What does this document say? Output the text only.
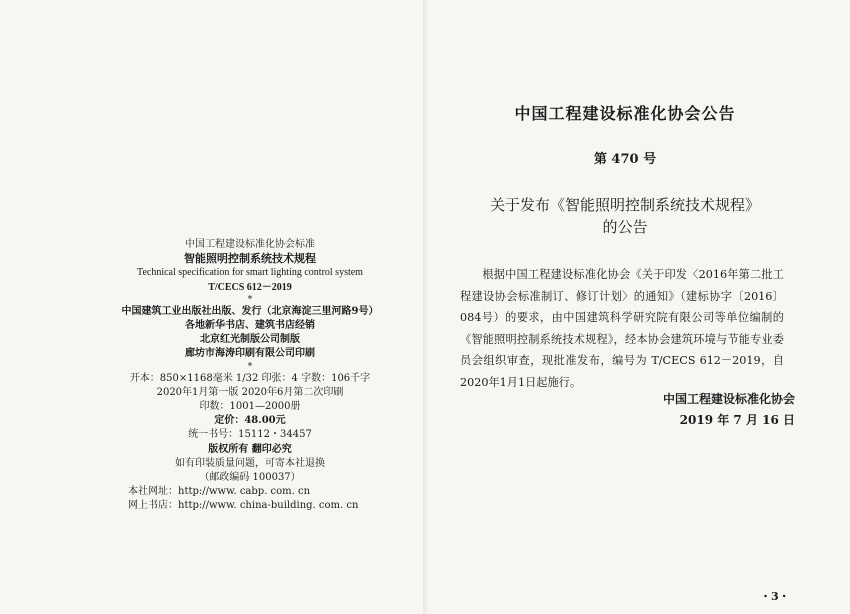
中国工程建设标准化协会标准
智能照明控制系统技术规程
Technical specification for smart lighting control system
T/CECS 612－2019
*
中国建筑工业出版社出版、发行（北京海淀三里河路9号）
各地新华书店、建筑书店经销
北京红光制版公司制版
廊坊市海涛印刷有限公司印刷
*
开本：850×1168毫米 1/32 印张：4 字数：106千字
2020年1月第一版 2020年6月第二次印刷
印数：1001—2000册
定价：48.00元
统一书号：15112・34457
版权所有 翻印必究
如有印装质量问题，可寄本社退换
（邮政编码 100037）
本社网址：http://www. cabp. com. cn
网上书店：http://www. china-building. com. cn
中国工程建设标准化协会公告
第 470 号
关于发布《智能照明控制系统技术规程》
的公告
根据中国工程建设标准化协会《关于印发〈2016年第二批工程建设协会标准制订、修订计划〉的通知》（建标协字〔2016〕084号）的要求，由中国建筑科学研究院有限公司等单位编制的《智能照明控制系统技术规程》，经本协会建筑环境与节能专业委员会组织审查，现批准发布，编号为 T/CECS 612－2019，自2020年1月1日起施行。
中国工程建设标准化协会
2019 年 7 月 16 日
・3・
